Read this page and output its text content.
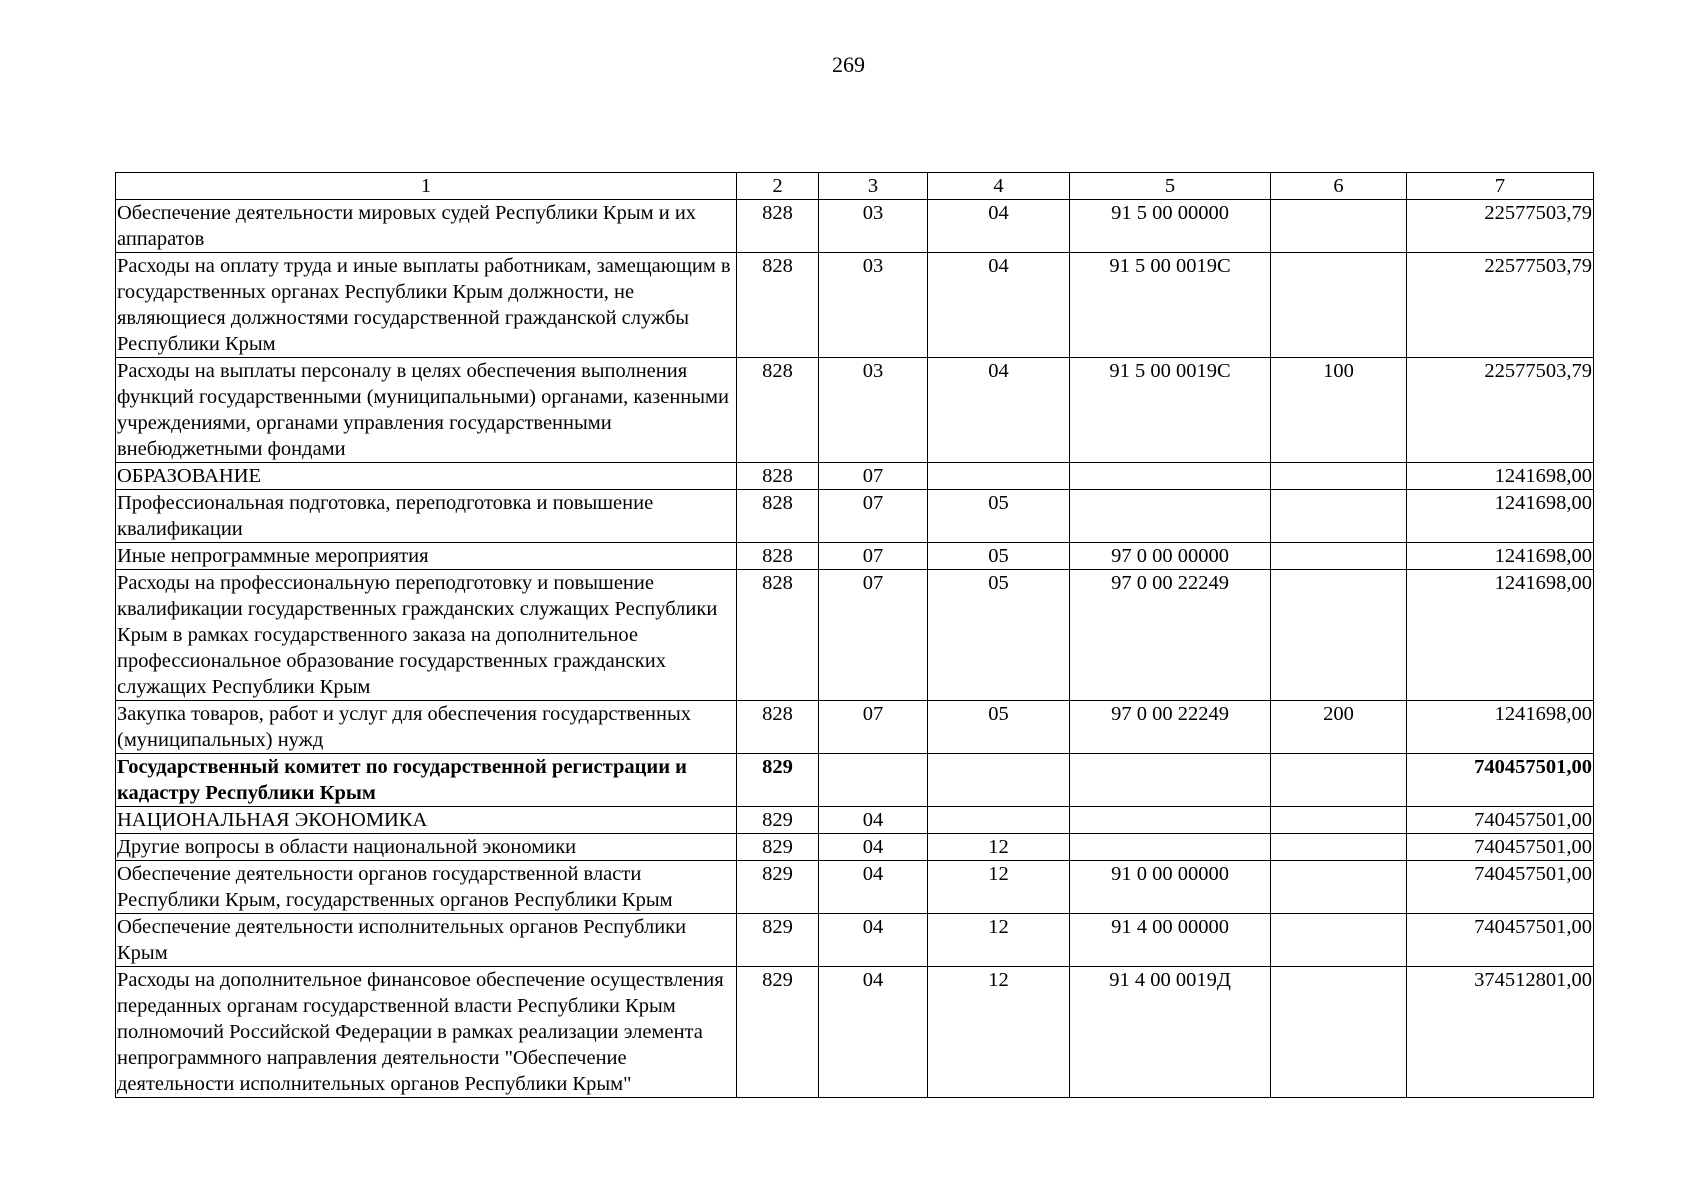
269
1	2	3	4	5	6	7
Обеспечение деятельности мировых судей Республики Крым и их аппаратов	828	03	04	91 5 00 00000		22577503,79
Расходы на оплату труда и иные выплаты работникам, замещающим в государственных органах Республики Крым должности, не являющиеся должностями государственной гражданской службы Республики Крым	828	03	04	91 5 00 0019С		22577503,79
Расходы на выплаты персоналу в целях обеспечения выполнения функций государственными (муниципальными) органами, казенными учреждениями, органами управления государственными внебюджетными фондами	828	03	04	91 5 00 0019С	100	22577503,79
ОБРАЗОВАНИЕ	828	07				1241698,00
Профессиональная подготовка, переподготовка и повышение квалификации	828	07	05			1241698,00
Иные непрограммные мероприятия	828	07	05	97 0 00 00000		1241698,00
Расходы на профессиональную переподготовку и повышение квалификации государственных гражданских служащих Республики Крым в рамках государственного заказа на дополнительное профессиональное образование государственных гражданских служащих Республики Крым	828	07	05	97 0 00 22249		1241698,00
Закупка товаров, работ и услуг для обеспечения государственных (муниципальных) нужд	828	07	05	97 0 00 22249	200	1241698,00
Государственный комитет по государственной регистрации и кадастру Республики Крым	829					740457501,00
НАЦИОНАЛЬНАЯ ЭКОНОМИКА	829	04				740457501,00
Другие вопросы в области национальной экономики	829	04	12			740457501,00
Обеспечение деятельности органов государственной власти Республики Крым, государственных органов Республики Крым	829	04	12	91 0 00 00000		740457501,00
Обеспечение деятельности исполнительных органов Республики Крым	829	04	12	91 4 00 00000		740457501,00
Расходы на дополнительное финансовое обеспечение осуществления переданных органам государственной власти Республики Крым полномочий Российской Федерации в рамках реализации элемента непрограммного направления деятельности "Обеспечение деятельности исполнительных органов Республики Крым"	829	04	12	91 4 00 0019Д		374512801,00
